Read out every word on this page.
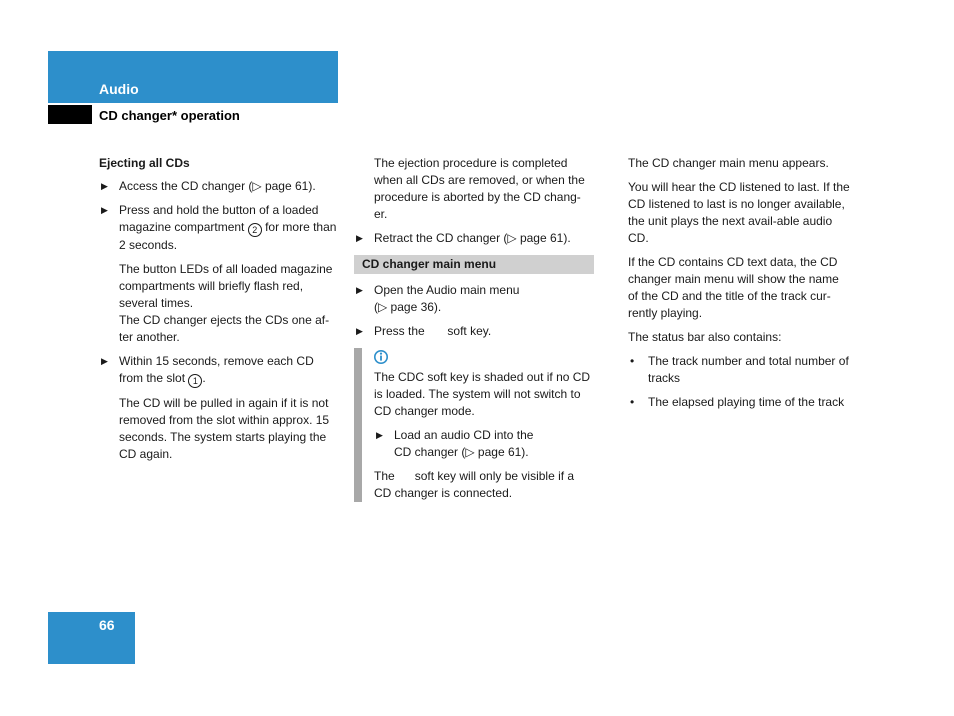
Audio
CD changer* operation
Ejecting all CDs
▶ Access the CD changer (▷ page 61).
▶ Press and hold the button of a loaded magazine compartment 2 for more than 2 seconds.

The button LEDs of all loaded magazine compartments will briefly flash red, several times.
The CD changer ejects the CDs one af-ter another.

▶ Within 15 seconds, remove each CD from the slot 1 .

The CD will be pulled in again if it is not removed from the slot within approx. 15 seconds. The system starts playing the CD again.

The ejection procedure is completed when all CDs are removed, or when the procedure is aborted by the CD chang-er.

▶ Retract the CD changer (▷ page 61).
CD changer main menu
▶ Open the Audio main menu
(▷ page 36).
▶ Press the soft key.

The CDC soft key is shaded out if no CD is loaded. The system will not switch to CD changer mode.

▶ Load an audio CD into the
CD changer (▷ page 61).

The soft key will only be visible if a CD changer is connected.

The CD changer main menu appears.

You will hear the CD listened to last. If the CD listened to last is no longer available, the unit plays the next avail-able audio CD.

If the CD contains CD text data, the CD changer main menu will show the name of the CD and the title of the track cur-rently playing.

The status bar also contains:

• The track number and total number of tracks
• The elapsed playing time of the track
66
